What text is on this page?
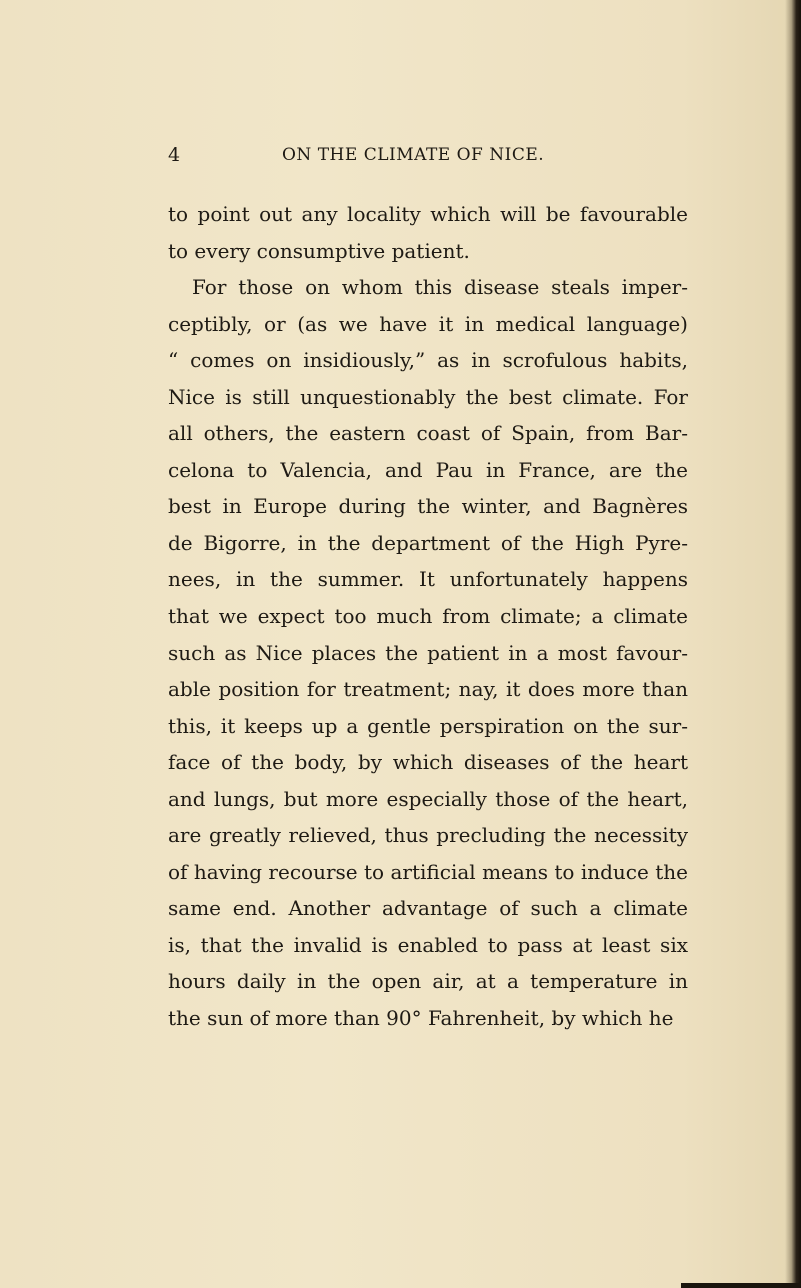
4	ON THE CLIMATE OF NICE.
to point out any locality which will be favourable
to every consumptive patient.
For those on whom this disease steals imper-
ceptibly, or (as we have it in medical language)
“ comes on insidiously,” as in scrofulous habits,
Nice is still unquestionably the best climate. For
all others, the eastern coast of Spain, from Bar-
celona to Valencia, and Pau in France, are the
best in Europe during the winter, and Bagnères
de Bigorre, in the department of the High Pyre-
nees, in the summer. It unfortunately happens
that we expect too much from climate; a climate
such as Nice places the patient in a most favour-
able position for treatment; nay, it does more than
this, it keeps up a gentle perspiration on the sur-
face of the body, by which diseases of the heart
and lungs, but more especially those of the heart,
are greatly relieved, thus precluding the necessity
of having recourse to artificial means to induce the
same end. Another advantage of such a climate
is, that the invalid is enabled to pass at least six
hours daily in the open air, at a temperature in
the sun of more than 90° Fahrenheit, by which he
